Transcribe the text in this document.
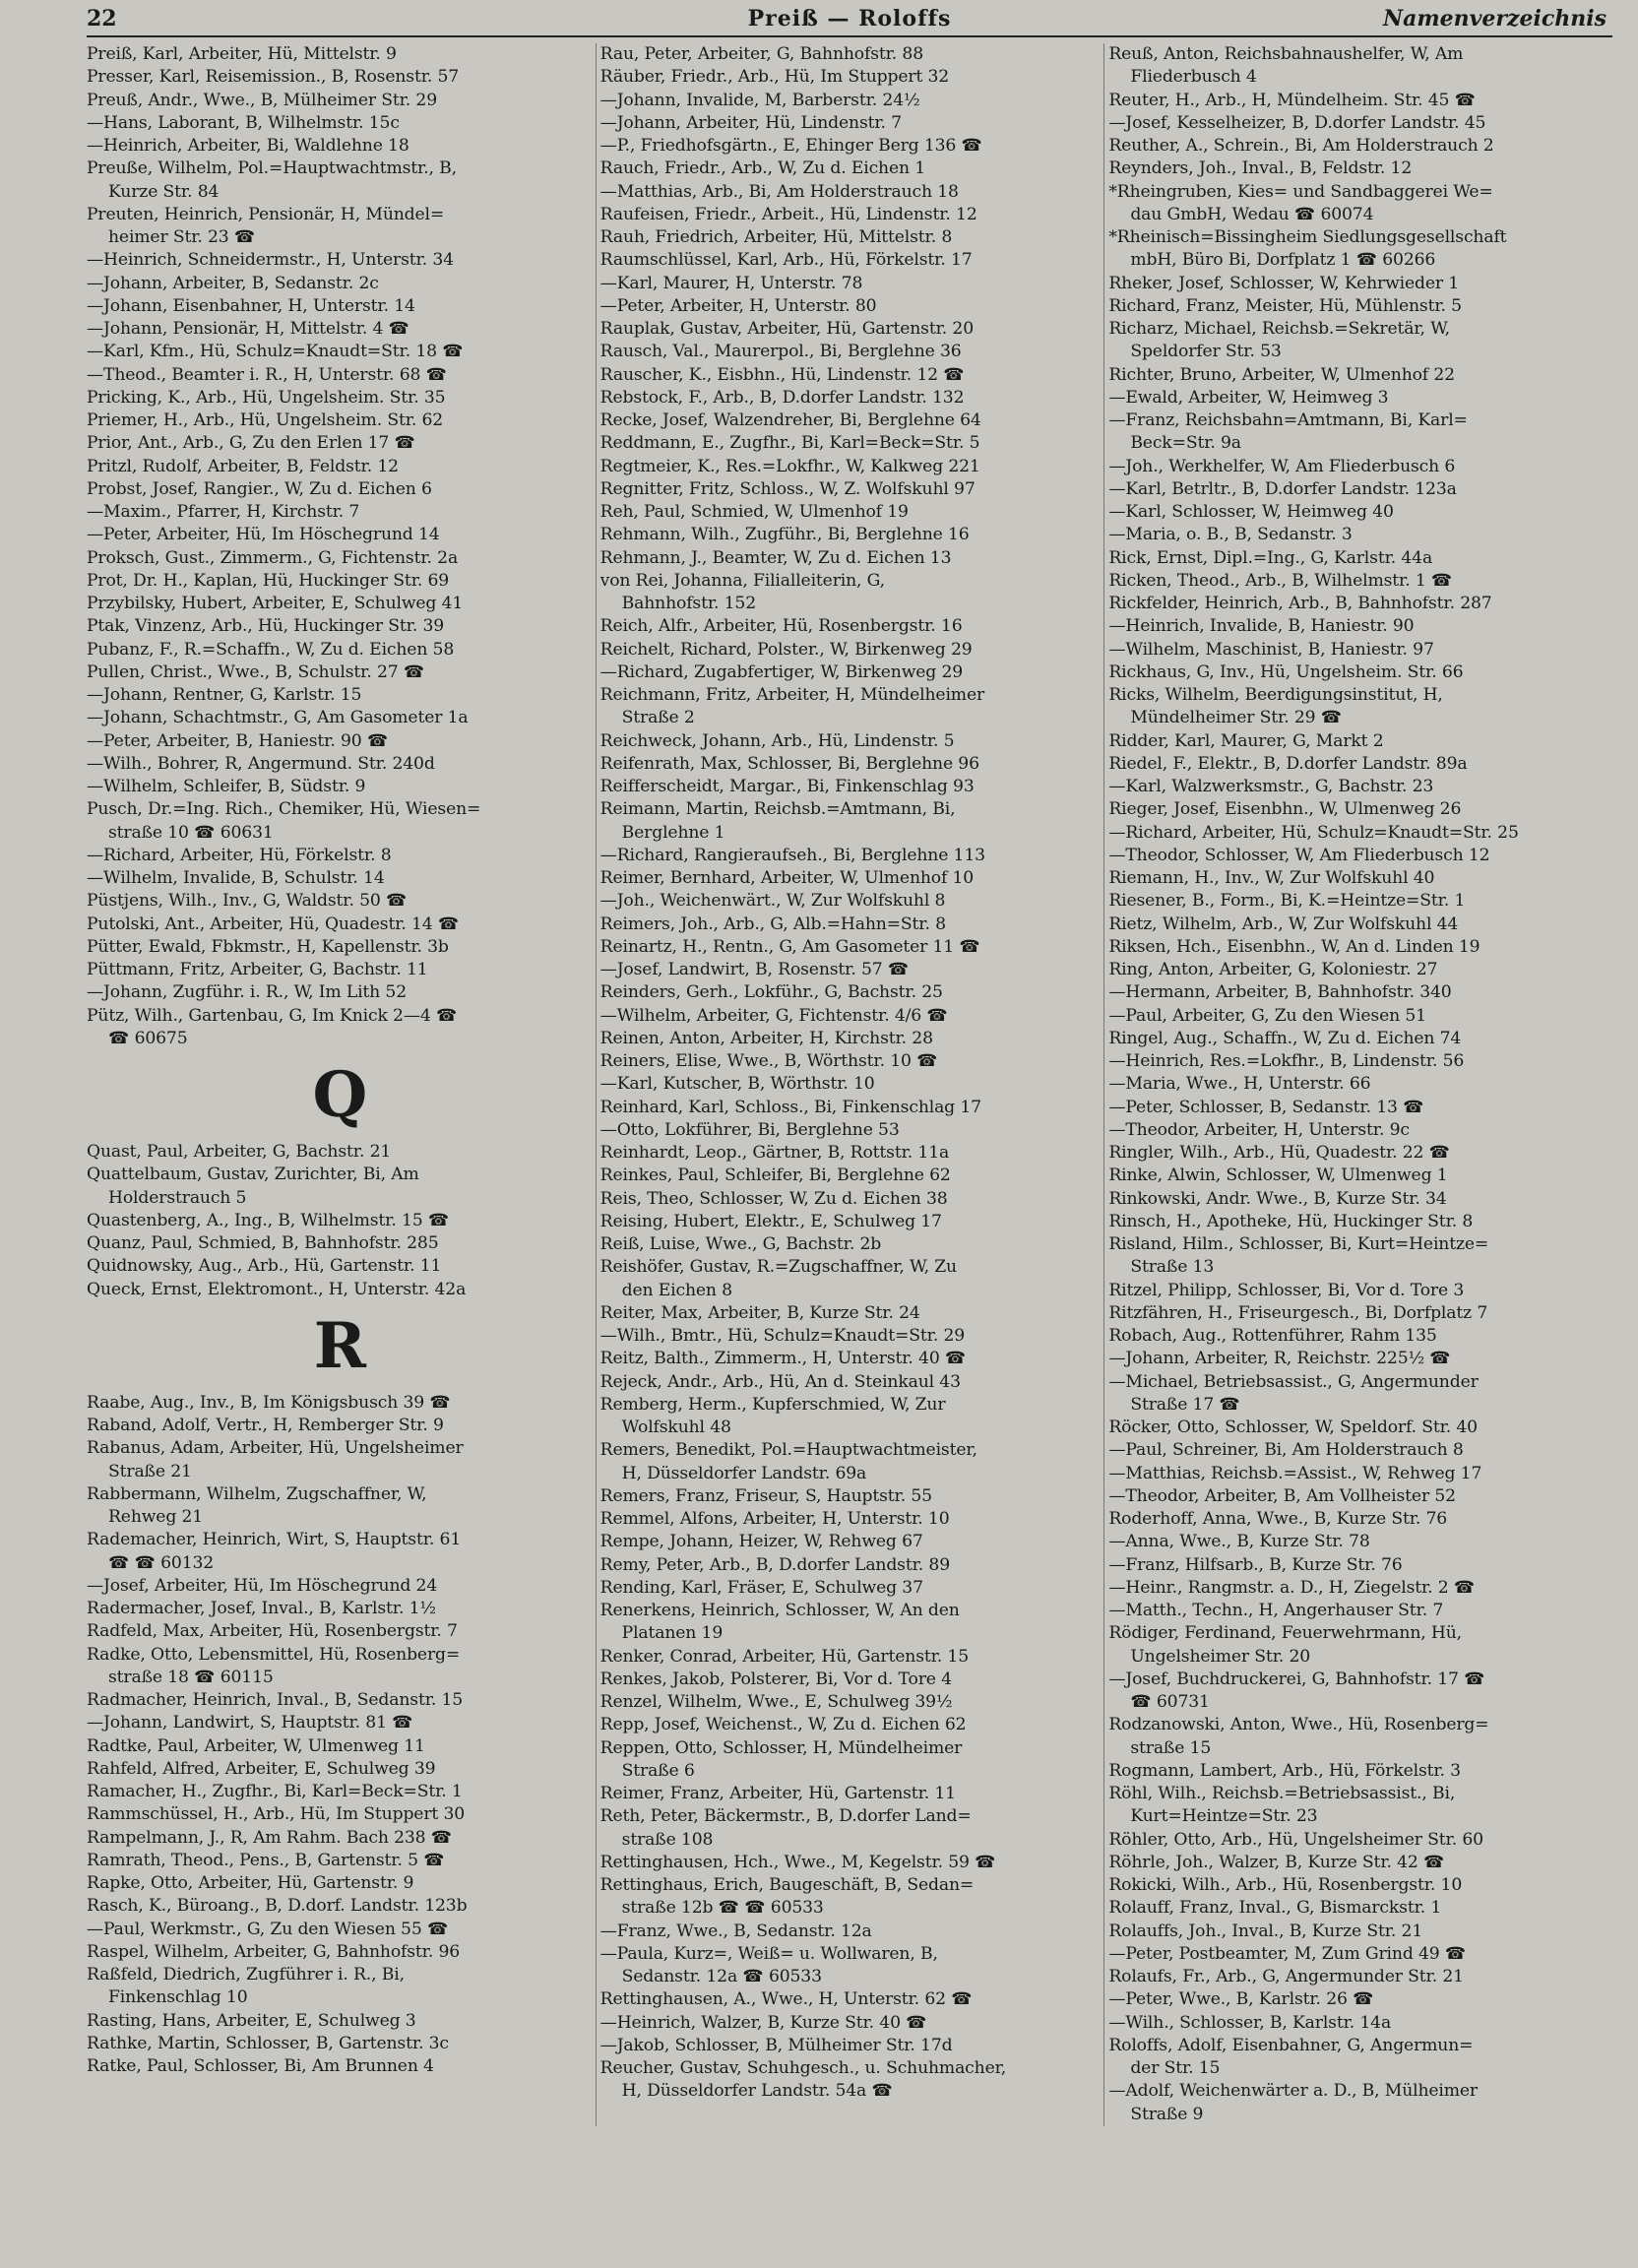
22	Preiß — Roloffs	Namenverzeichnis
Preiß, Karl, Arbeiter, Hü, Mittelstr. 9
Presser, Karl, Reisemission., B, Rosenstr. 57
Preuß, Andr., Wwe., B, Mülheimer Str. 29
—Hans, Laborant, B, Wilhelmstr. 15c
—Heinrich, Arbeiter, Bi, Waldlehne 18
Preuße, Wilhelm, Pol.=Hauptwachtmstr., B,
Kurze Str. 84
Preuten, Heinrich, Pensionär, H, Mündel=
heimer Str. 23 ☎
—Heinrich, Schneidermstr., H, Unterstr. 34
—Johann, Arbeiter, B, Sedanstr. 2c
—Johann, Eisenbahner, H, Unterstr. 14
—Johann, Pensionär, H, Mittelstr. 4 ☎
—Karl, Kfm., Hü, Schulz=Knaudt=Str. 18 ☎
—Theod., Beamter i. R., H, Unterstr. 68 ☎
Pricking, K., Arb., Hü, Ungelsheim. Str. 35
Priemer, H., Arb., Hü, Ungelsheim. Str. 62
Prior, Ant., Arb., G, Zu den Erlen 17 ☎
Pritzl, Rudolf, Arbeiter, B, Feldstr. 12
Probst, Josef, Rangier., W, Zu d. Eichen 6
—Maxim., Pfarrer, H, Kirchstr. 7
—Peter, Arbeiter, Hü, Im Höschegrund 14
Proksch, Gust., Zimmerm., G, Fichtenstr. 2a
Prot, Dr. H., Kaplan, Hü, Huckinger Str. 69
Przybilsky, Hubert, Arbeiter, E, Schulweg 41
Ptak, Vinzenz, Arb., Hü, Huckinger Str. 39
Pubanz, F., R.=Schaffn., W, Zu d. Eichen 58
Pullen, Christ., Wwe., B, Schulstr. 27 ☎
—Johann, Rentner, G, Karlstr. 15
—Johann, Schachtmstr., G, Am Gasometer 1a
—Peter, Arbeiter, B, Haniestr. 90 ☎
—Wilh., Bohrer, R, Angermund. Str. 240d
—Wilhelm, Schleifer, B, Südstr. 9
Pusch, Dr.=Ing. Rich., Chemiker, Hü, Wiesen=
straße 10 ☎ 60631
—Richard, Arbeiter, Hü, Förkelstr. 8
—Wilhelm, Invalide, B, Schulstr. 14
Püstjens, Wilh., Inv., G, Waldstr. 50 ☎
Putolski, Ant., Arbeiter, Hü, Quadestr. 14 ☎
Pütter, Ewald, Fbkmstr., H, Kapellenstr. 3b
Püttmann, Fritz, Arbeiter, G, Bachstr. 11
—Johann, Zugführ. i. R., W, Im Lith 52
Pütz, Wilh., Gartenbau, G, Im Knick 2—4 ☎
☎ 60675
Q
Quast, Paul, Arbeiter, G, Bachstr. 21
Quattelbaum, Gustav, Zurichter, Bi, Am
Holderstrauch 5
Quastenberg, A., Ing., B, Wilhelmstr. 15 ☎
Quanz, Paul, Schmied, B, Bahnhofstr. 285
Quidnowsky, Aug., Arb., Hü, Gartenstr. 11
Queck, Ernst, Elektromont., H, Unterstr. 42a
R
Raabe, Aug., Inv., B, Im Königsbusch 39 ☎
Raband, Adolf, Vertr., H, Remberger Str. 9
Rabanus, Adam, Arbeiter, Hü, Ungelsheimer
Straße 21
Rabbermann, Wilhelm, Zugschaffner, W,
Rehweg 21
Rademacher, Heinrich, Wirt, S, Hauptstr. 61
☎ ☎ 60132
—Josef, Arbeiter, Hü, Im Höschegrund 24
Radermacher, Josef, Inval., B, Karlstr. 1½
Radfeld, Max, Arbeiter, Hü, Rosenbergstr. 7
Radke, Otto, Lebensmittel, Hü, Rosenberg=
straße 18 ☎ 60115
Radmacher, Heinrich, Inval., B, Sedanstr. 15
—Johann, Landwirt, S, Hauptstr. 81 ☎
Radtke, Paul, Arbeiter, W, Ulmenweg 11
Rahfeld, Alfred, Arbeiter, E, Schulweg 39
Ramacher, H., Zugfhr., Bi, Karl=Beck=Str. 1
Rammschüssel, H., Arb., Hü, Im Stuppert 30
Rampelmann, J., R, Am Rahm. Bach 238 ☎
Ramrath, Theod., Pens., B, Gartenstr. 5 ☎
Rapke, Otto, Arbeiter, Hü, Gartenstr. 9
Rasch, K., Büroang., B, D.dorf. Landstr. 123b
—Paul, Werkmstr., G, Zu den Wiesen 55 ☎
Raspel, Wilhelm, Arbeiter, G, Bahnhofstr. 96
Raßfeld, Diedrich, Zugführer i. R., Bi,
Finkenschlag 10
Rasting, Hans, Arbeiter, E, Schulweg 3
Rathke, Martin, Schlosser, B, Gartenstr. 3c
Ratke, Paul, Schlosser, Bi, Am Brunnen 4
Rau, Peter, Arbeiter, G, Bahnhofstr. 88
Räuber, Friedr., Arb., Hü, Im Stuppert 32
—Johann, Invalide, M, Barberstr. 24½
—Johann, Arbeiter, Hü, Lindenstr. 7
—P., Friedhofsgärtn., E, Ehinger Berg 136 ☎
Rauch, Friedr., Arb., W, Zu d. Eichen 1
—Matthias, Arb., Bi, Am Holderstrauch 18
Raufeisen, Friedr., Arbeit., Hü, Lindenstr. 12
Rauh, Friedrich, Arbeiter, Hü, Mittelstr. 8
Raumschlüssel, Karl, Arb., Hü, Förkelstr. 17
—Karl, Maurer, H, Unterstr. 78
—Peter, Arbeiter, H, Unterstr. 80
Rauplak, Gustav, Arbeiter, Hü, Gartenstr. 20
Rausch, Val., Maurerpol., Bi, Berglehne 36
Rauscher, K., Eisbhn., Hü, Lindenstr. 12 ☎
Rebstock, F., Arb., B, D.dorfer Landstr. 132
Recke, Josef, Walzendreher, Bi, Berglehne 64
Reddmann, E., Zugfhr., Bi, Karl=Beck=Str. 5
Regtmeier, K., Res.=Lokfhr., W, Kalkweg 221
Regnitter, Fritz, Schloss., W, Z. Wolfskuhl 97
Reh, Paul, Schmied, W, Ulmenhof 19
Rehmann, Wilh., Zugführ., Bi, Berglehne 16
Rehmann, J., Beamter, W, Zu d. Eichen 13
von Rei, Johanna, Filialleiterin, G,
Bahnhofstr. 152
Reich, Alfr., Arbeiter, Hü, Rosenbergstr. 16
Reichelt, Richard, Polster., W, Birkenweg 29
—Richard, Zugabfertiger, W, Birkenweg 29
Reichmann, Fritz, Arbeiter, H, Mündelheimer
Straße 2
Reichweck, Johann, Arb., Hü, Lindenstr. 5
Reifenrath, Max, Schlosser, Bi, Berglehne 96
Reifferscheidt, Margar., Bi, Finkenschlag 93
Reimann, Martin, Reichsb.=Amtmann, Bi,
Berglehne 1
—Richard, Rangieraufseh., Bi, Berglehne 113
Reimer, Bernhard, Arbeiter, W, Ulmenhof 10
—Joh., Weichenwärt., W, Zur Wolfskuhl 8
Reimers, Joh., Arb., G, Alb.=Hahn=Str. 8
Reinartz, H., Rentn., G, Am Gasometer 11 ☎
—Josef, Landwirt, B, Rosenstr. 57 ☎
Reinders, Gerh., Lokführ., G, Bachstr. 25
—Wilhelm, Arbeiter, G, Fichtenstr. 4/6 ☎
Reinen, Anton, Arbeiter, H, Kirchstr. 28
Reiners, Elise, Wwe., B, Wörthstr. 10 ☎
—Karl, Kutscher, B, Wörthstr. 10
Reinhard, Karl, Schloss., Bi, Finkenschlag 17
—Otto, Lokführer, Bi, Berglehne 53
Reinhardt, Leop., Gärtner, B, Rottstr. 11a
Reinkes, Paul, Schleifer, Bi, Berglehne 62
Reis, Theo, Schlosser, W, Zu d. Eichen 38
Reising, Hubert, Elektr., E, Schulweg 17
Reiß, Luise, Wwe., G, Bachstr. 2b
Reishöfer, Gustav, R.=Zugschaffner, W, Zu
den Eichen 8
Reiter, Max, Arbeiter, B, Kurze Str. 24
—Wilh., Bmtr., Hü, Schulz=Knaudt=Str. 29
Reitz, Balth., Zimmerm., H, Unterstr. 40 ☎
Rejeck, Andr., Arb., Hü, An d. Steinkaul 43
Remberg, Herm., Kupferschmied, W, Zur
Wolfskuhl 48
Remers, Benedikt, Pol.=Hauptwachtmeister,
H, Düsseldorfer Landstr. 69a
Remers, Franz, Friseur, S, Hauptstr. 55
Remmel, Alfons, Arbeiter, H, Unterstr. 10
Rempe, Johann, Heizer, W, Rehweg 67
Remy, Peter, Arb., B, D.dorfer Landstr. 89
Rending, Karl, Fräser, E, Schulweg 37
Renerkens, Heinrich, Schlosser, W, An den
Platanen 19
Renker, Conrad, Arbeiter, Hü, Gartenstr. 15
Renkes, Jakob, Polsterer, Bi, Vor d. Tore 4
Renzel, Wilhelm, Wwe., E, Schulweg 39½
Repp, Josef, Weichenst., W, Zu d. Eichen 62
Reppen, Otto, Schlosser, H, Mündelheimer
Straße 6
Reimer, Franz, Arbeiter, Hü, Gartenstr. 11
Reth, Peter, Bäckermstr., B, D.dorfer Land=
straße 108
Rettinghausen, Hch., Wwe., M, Kegelstr. 59 ☎
Rettinghaus, Erich, Baugeschäft, B, Sedan=
straße 12b ☎ ☎ 60533
—Franz, Wwe., B, Sedanstr. 12a
—Paula, Kurz=, Weiß= u. Wollwaren, B,
Sedanstr. 12a ☎ 60533
Rettinghausen, A., Wwe., H, Unterstr. 62 ☎
—Heinrich, Walzer, B, Kurze Str. 40 ☎
—Jakob, Schlosser, B, Mülheimer Str. 17d
Reucher, Gustav, Schuhgesch., u. Schuhmacher,
H, Düsseldorfer Landstr. 54a ☎
Reuß, Anton, Reichsbahnaushelfer, W, Am
Fliederbusch 4
Reuter, H., Arb., H, Mündelheim. Str. 45 ☎
—Josef, Kesselheizer, B, D.dorfer Landstr. 45
Reuther, A., Schrein., Bi, Am Holderstrauch 2
Reynders, Joh., Inval., B, Feldstr. 12
*Rheingruben, Kies= und Sandbaggerei We=
dau GmbH, Wedau ☎ 60074
*Rheinisch=Bissingheim Siedlungsgesellschaft
mbH, Büro Bi, Dorfplatz 1 ☎ 60266
Rheker, Josef, Schlosser, W, Kehrwieder 1
Richard, Franz, Meister, Hü, Mühlenstr. 5
Richarz, Michael, Reichsb.=Sekretär, W,
Speldorfer Str. 53
Richter, Bruno, Arbeiter, W, Ulmenhof 22
—Ewald, Arbeiter, W, Heimweg 3
—Franz, Reichsbahn=Amtmann, Bi, Karl=
Beck=Str. 9a
—Joh., Werkhelfer, W, Am Fliederbusch 6
—Karl, Betrltr., B, D.dorfer Landstr. 123a
—Karl, Schlosser, W, Heimweg 40
—Maria, o. B., B, Sedanstr. 3
Rick, Ernst, Dipl.=Ing., G, Karlstr. 44a
Ricken, Theod., Arb., B, Wilhelmstr. 1 ☎
Rickfelder, Heinrich, Arb., B, Bahnhofstr. 287
—Heinrich, Invalide, B, Haniestr. 90
—Wilhelm, Maschinist, B, Haniestr. 97
Rickhaus, G, Inv., Hü, Ungelsheim. Str. 66
Ricks, Wilhelm, Beerdigungsinstitut, H,
Mündelheimer Str. 29 ☎
Ridder, Karl, Maurer, G, Markt 2
Riedel, F., Elektr., B, D.dorfer Landstr. 89a
—Karl, Walzwerksmstr., G, Bachstr. 23
Rieger, Josef, Eisenbhn., W, Ulmenweg 26
—Richard, Arbeiter, Hü, Schulz=Knaudt=Str. 25
—Theodor, Schlosser, W, Am Fliederbusch 12
Riemann, H., Inv., W, Zur Wolfskuhl 40
Riesener, B., Form., Bi, K.=Heintze=Str. 1
Rietz, Wilhelm, Arb., W, Zur Wolfskuhl 44
Riksen, Hch., Eisenbhn., W, An d. Linden 19
Ring, Anton, Arbeiter, G, Koloniestr. 27
—Hermann, Arbeiter, B, Bahnhofstr. 340
—Paul, Arbeiter, G, Zu den Wiesen 51
Ringel, Aug., Schaffn., W, Zu d. Eichen 74
—Heinrich, Res.=Lokfhr., B, Lindenstr. 56
—Maria, Wwe., H, Unterstr. 66
—Peter, Schlosser, B, Sedanstr. 13 ☎
—Theodor, Arbeiter, H, Unterstr. 9c
Ringler, Wilh., Arb., Hü, Quadestr. 22 ☎
Rinke, Alwin, Schlosser, W, Ulmenweg 1
Rinkowski, Andr. Wwe., B, Kurze Str. 34
Rinsch, H., Apotheke, Hü, Huckinger Str. 8
Risland, Hilm., Schlosser, Bi, Kurt=Heintze=
Straße 13
Ritzel, Philipp, Schlosser, Bi, Vor d. Tore 3
Ritzfähren, H., Friseurgesch., Bi, Dorfplatz 7
Robach, Aug., Rottenführer, Rahm 135
—Johann, Arbeiter, R, Reichstr. 225½ ☎
—Michael, Betriebsassist., G, Angermunder
Straße 17 ☎
Röcker, Otto, Schlosser, W, Speldorf. Str. 40
—Paul, Schreiner, Bi, Am Holderstrauch 8
—Matthias, Reichsb.=Assist., W, Rehweg 17
—Theodor, Arbeiter, B, Am Vollheister 52
Roderhoff, Anna, Wwe., B, Kurze Str. 76
—Anna, Wwe., B, Kurze Str. 78
—Franz, Hilfsarb., B, Kurze Str. 76
—Heinr., Rangmstr. a. D., H, Ziegelstr. 2 ☎
—Matth., Techn., H, Angerhauser Str. 7
Rödiger, Ferdinand, Feuerwehrmann, Hü,
Ungelsheimer Str. 20
—Josef, Buchdruckerei, G, Bahnhofstr. 17 ☎
☎ 60731
Rodzanowski, Anton, Wwe., Hü, Rosenberg=
straße 15
Rogmann, Lambert, Arb., Hü, Förkelstr. 3
Röhl, Wilh., Reichsb.=Betriebsassist., Bi,
Kurt=Heintze=Str. 23
Röhler, Otto, Arb., Hü, Ungelsheimer Str. 60
Röhrle, Joh., Walzer, B, Kurze Str. 42 ☎
Rokicki, Wilh., Arb., Hü, Rosenbergstr. 10
Rolauff, Franz, Inval., G, Bismarckstr. 1
Rolauffs, Joh., Inval., B, Kurze Str. 21
—Peter, Postbeamter, M, Zum Grind 49 ☎
Rolaufs, Fr., Arb., G, Angermunder Str. 21
—Peter, Wwe., B, Karlstr. 26 ☎
—Wilh., Schlosser, B, Karlstr. 14a
Roloffs, Adolf, Eisenbahner, G, Angermun=
der Str. 15
—Adolf, Weichenwärter a. D., B, Mülheimer
Straße 9
